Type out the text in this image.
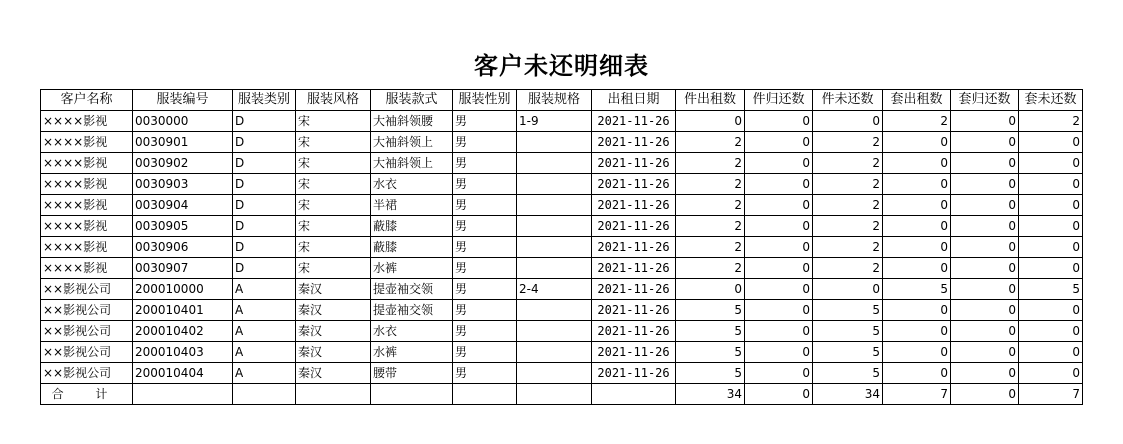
客户未还明细表
客户名称	服装编号	服装类别	服装风格	服装款式	服装性别	服装规格	出租日期	件出租数	件归还数	件未还数	套出租数	套归还数	套未还数
××××影视	0030000	D	宋	大袖斜领腰	男	1-9	2021-11-26	0	0	0	2	0	2
××××影视	0030901	D	宋	大袖斜领上	男		2021-11-26	2	0	2	0	0	0
××××影视	0030902	D	宋	大袖斜领上	男		2021-11-26	2	0	2	0	0	0
××××影视	0030903	D	宋	水衣	男		2021-11-26	2	0	2	0	0	0
××××影视	0030904	D	宋	半裙	男		2021-11-26	2	0	2	0	0	0
××××影视	0030905	D	宋	蔽膝	男		2021-11-26	2	0	2	0	0	0
××××影视	0030906	D	宋	蔽膝	男		2021-11-26	2	0	2	0	0	0
××××影视	0030907	D	宋	水裤	男		2021-11-26	2	0	2	0	0	0
××影视公司	200010000	A	秦汉	提壶袖交领	男	2-4	2021-11-26	0	0	0	5	0	5
××影视公司	200010401	A	秦汉	提壶袖交领	男		2021-11-26	5	0	5	0	0	0
××影视公司	200010402	A	秦汉	水衣	男		2021-11-26	5	0	5	0	0	0
××影视公司	200010403	A	秦汉	水裤	男		2021-11-26	5	0	5	0	0	0
××影视公司	200010404	A	秦汉	腰带	男		2021-11-26	5	0	5	0	0	0
合 计								34	0	34	7	0	7
